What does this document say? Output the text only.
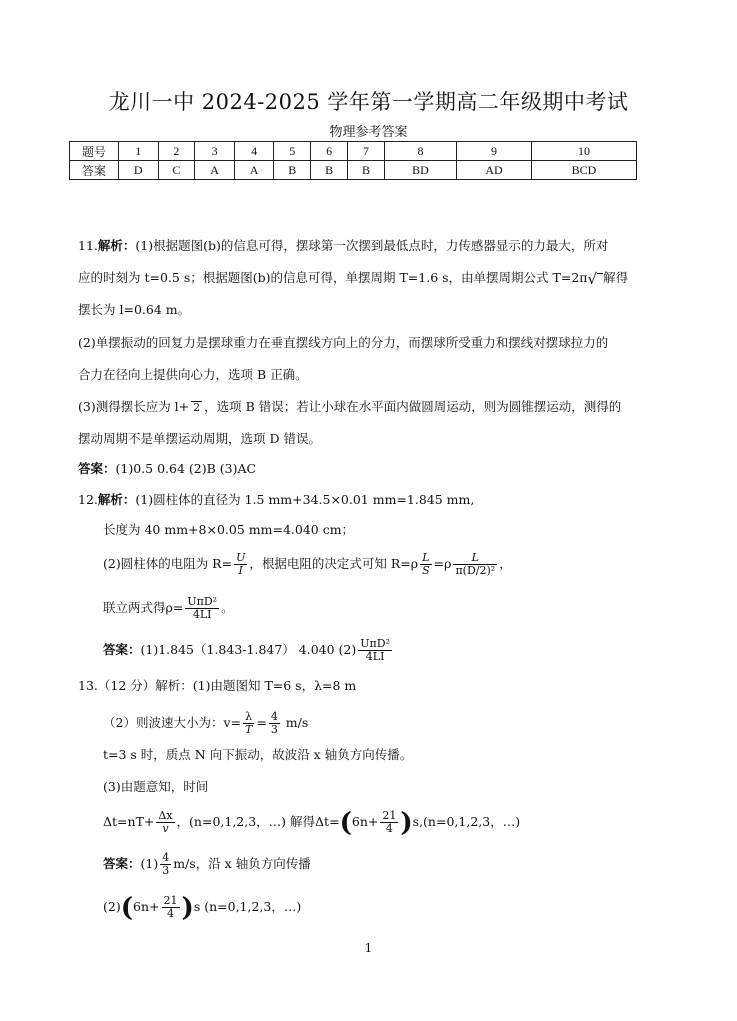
龙川一中 2024-2025 学年第一学期高二年级期中考试
物理参考答案
题号	1	2	3	4	5	6	7	8	9	10
答案	D	C	A	A	B	B	B	BD	AD	BCD
11.解析：(1)根据题图(b)的信息可得，摆球第一次摆到最低点时，力传感器显示的力最大，所对
应的时刻为 t=0.5 s；根据题图(b)的信息可得，单摆周期 T=1.6 s，由单摆周期公式 T=2π√ 解得
摆长为 l=0.64 m。
(2)单摆振动的回复力是摆球重力在垂直摆线方向上的分力，而摆球所受重力和摆线对摆球拉力的
合力在径向上提供向心力，选项 B 正确。
(3)测得摆长应为 l+ 2 ，选项 B 错误；若让小球在水平面内做圆周运动，则为圆锥摆运动，测得的
摆动周期不是单摆运动周期，选项 D 错误。
答案：(1)0.5 0.64 (2)B (3)AC
12.解析：(1)圆柱体的直径为 1.5 mm+34.5×0.01 mm=1.845 mm,
长度为 40 mm+8×0.05 mm=4.040 cm；
(2)圆柱体的电阻为 $R= \frac{U}{I}$ ，根据电阻的决定式可知 $R=\rho \frac{L}{S} =\rho \frac{L}{\text{π(D/2)²}}$ ，
联立两式得$\rho= \frac{\text{UπD²}}{4LI}$ 。
答案：(1)1.845（1.843-1.847） 4.040 $(2) \frac{\text{UπD²}}{4LI}$
13.（12 分）解析：(1)由题图知 T=6 s，λ=8 m
（2）则波速大小为：$v= \frac{\lambda}{T} = \frac{4}{3} m/s$
t=3 s 时，质点 N 向下振动，故波沿 x 轴负方向传播。
(3)由题意知，时间
$\Delta t=nT+ \frac{\Delta x}{v}$ ，(n=0,1,2,3，…) 解得$\Delta t=(6n+ \frac{21}{4} )s,(n=0,1,2,3$，…)
答案：$(1) \frac{4}{3} m/s$，沿 x 轴负方向传播
$(2)(6n+ \frac{21}{4} )s$ (n=0,1,2,3，…)
1
